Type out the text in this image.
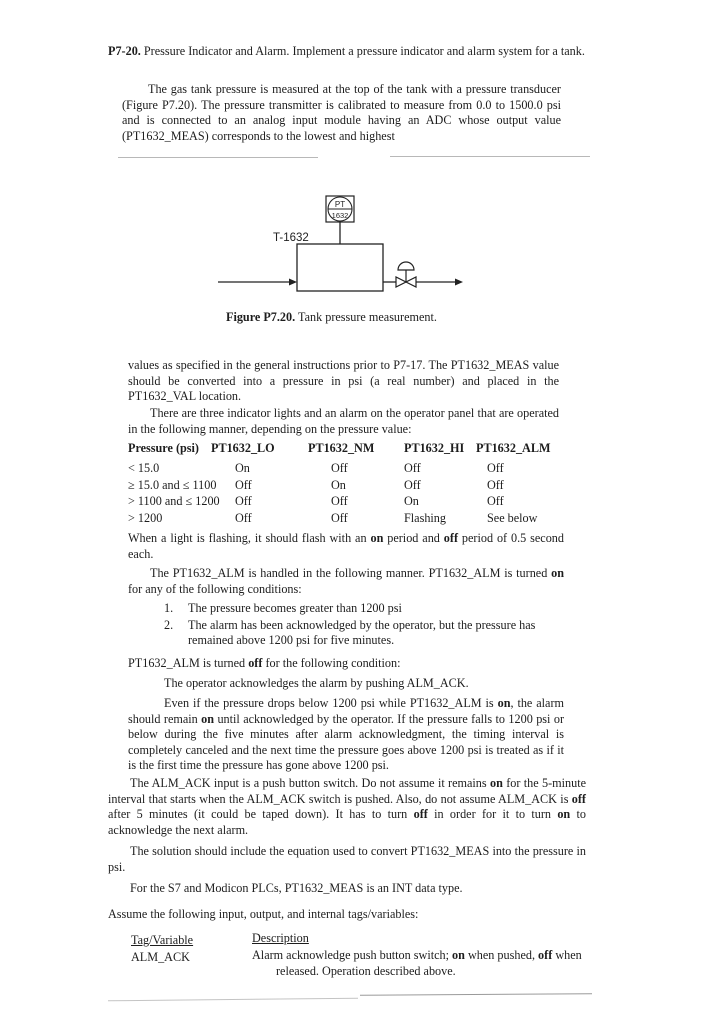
P7-20. Pressure Indicator and Alarm. Implement a pressure indicator and alarm system for a tank.

The gas tank pressure is measured at the top of the tank with a pressure transducer (Figure P7.20). The pressure transmitter is calibrated to measure from 0.0 to 1500.0 psi and is connected to an analog input module having an ADC whose output value (PT1632_MEAS) corresponds to the lowest and highest

PT
1632
T-1632

Figure P7.20. Tank pressure measurement.

values as specified in the general instructions prior to P7-17. The PT1632_MEAS value should be converted into a pressure in psi (a real number) and placed in the PT1632_VAL location.

There are three indicator lights and an alarm on the operator panel that are operated in the following manner, depending on the pressure value:

Pressure (psi) PT1632_LO	PT1632_NM PT1632_HI PT1632_ALM
< 15.0	On	Off	Off	Off
≥ 15.0 and ≤ 1100 Off	On	Off	Off
> 1100 and ≤ 1200 Off	Off	On	Off
> 1200	Off	Off	Flashing	See below

When a light is flashing, it should flash with an on period and off period of 0.5 second each.

The PT1632_ALM is handled in the following manner. PT1632_ALM is turned on for any of the following conditions:

1. The pressure becomes greater than 1200 psi
2. The alarm has been acknowledged by the operator, but the pressure has remained above 1200 psi for five minutes.

PT1632_ALM is turned off for the following condition:

The operator acknowledges the alarm by pushing ALM_ACK.

Even if the pressure drops below 1200 psi while PT1632_ALM is on, the alarm should remain on until acknowledged by the operator. If the pressure falls to 1200 psi or below during the five minutes after alarm acknowledgment, the timing interval is completely canceled and the next time the pressure goes above 1200 psi is treated as if it is the first time the pressure has gone above 1200 psi.

The ALM_ACK input is a push button switch. Do not assume it remains on for the 5-minute interval that starts when the ALM_ACK switch is pushed. Also, do not assume ALM_ACK is off after 5 minutes (it could be taped down). It has to turn off in order for it to turn on to acknowledge the next alarm.

The solution should include the equation used to convert PT1632_MEAS into the pressure in psi.

For the S7 and Modicon PLCs, PT1632_MEAS is an INT data type.

Assume the following input, output, and internal tags/variables:

Tag/Variable	Description
ALM_ACK	Alarm acknowledge push button switch; on when pushed, off when released. Operation described above.
